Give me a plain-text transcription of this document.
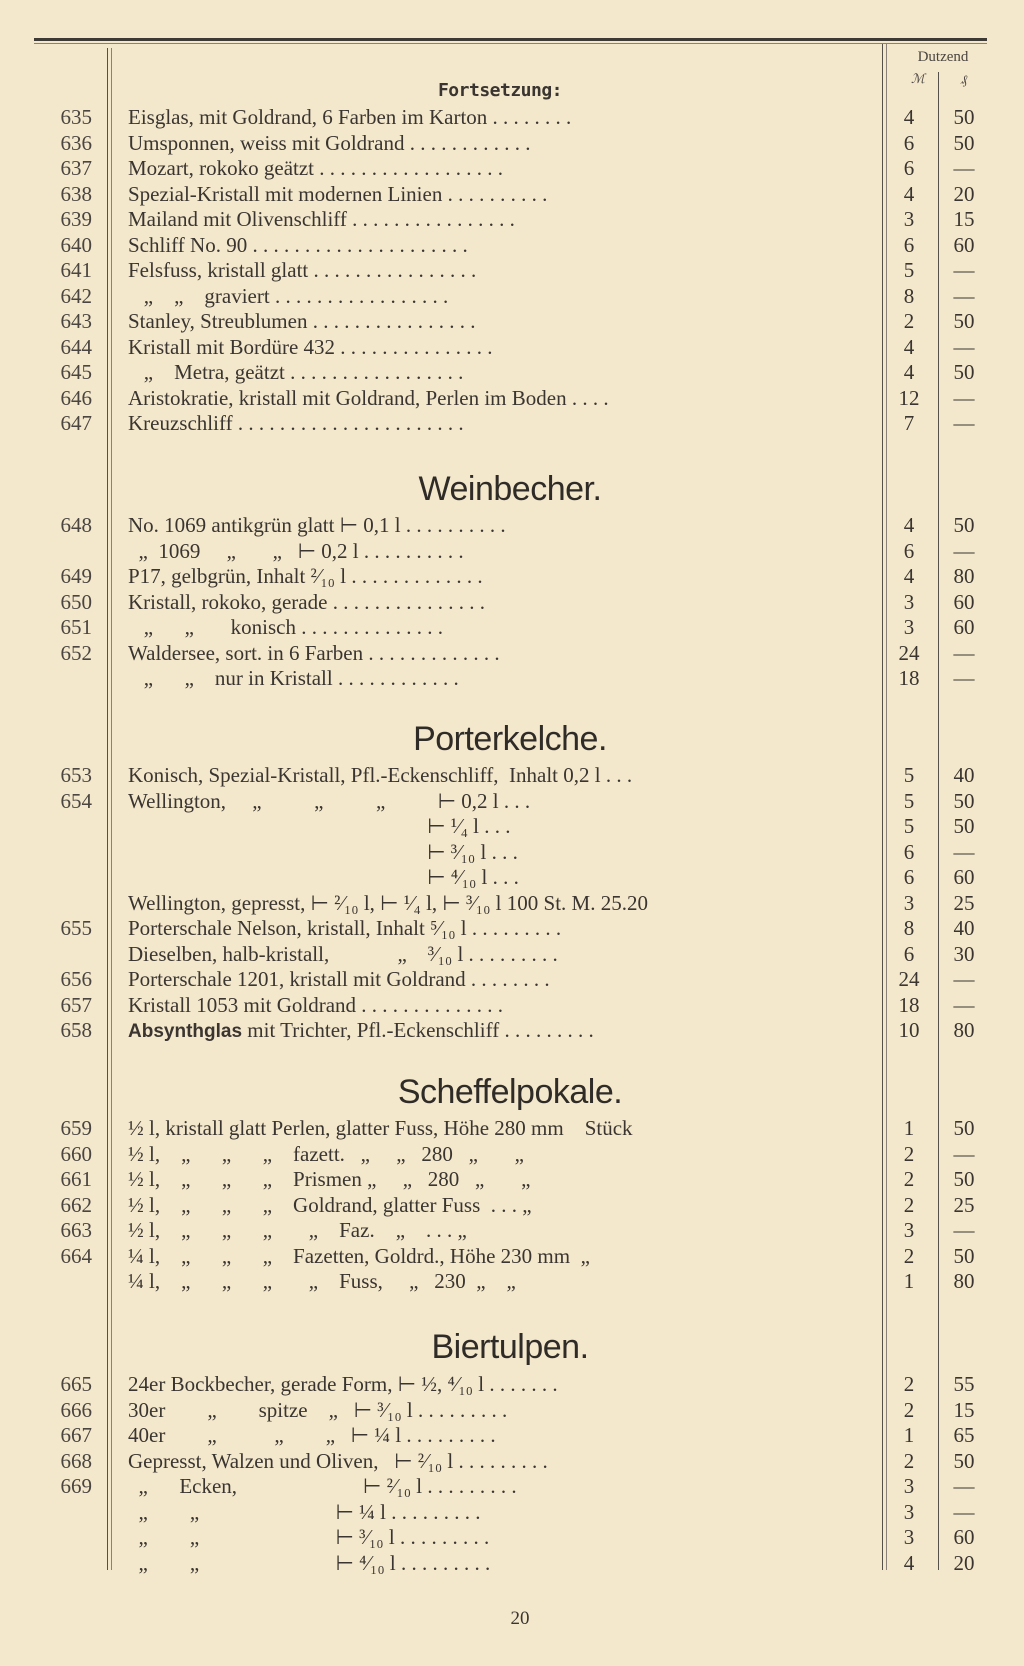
Dutzend
ℳ	₰
Fortsetzung:
635 Eisglas, mit Goldrand, 6 Farben im Karton . . . . . . . .	4	50
636 Umsponnen, weiss mit Goldrand . . . . . . . . . . . .	6	50
637 Mozart, rokoko geätzt . . . . . . . . . . . . . . . . . .	6	—
638 Spezial-Kristall mit modernen Linien . . . . . . . . . .	4	20
639 Mailand mit Olivenschliff . . . . . . . . . . . . . . . .	3	15
640 Schliff No. 90 . . . . . . . . . . . . . . . . . . . . .	6	60
641 Felsfuss, kristall glatt . . . . . . . . . . . . . . . .	5	—
642 „    „    graviert . . . . . . . . . . . . . . . . .	8	—
643 Stanley, Streublumen . . . . . . . . . . . . . . . .	2	50
644 Kristall mit Bordüre 432 . . . . . . . . . . . . . . .	4	—
645 „    Metra, geätzt . . . . . . . . . . . . . . . . .	4	50
646 Aristokratie, kristall mit Goldrand, Perlen im Boden . . . .	12	—
647 Kreuzschliff . . . . . . . . . . . . . . . . . . . . . .	7	—
Weinbecher.
648 No. 1069 antikgrün glatt ⊢ 0,1 l . . . . . . . . . .	4	50
„  1069     „       „   ⊢ 0,2 l . . . . . . . . . .	6	—
649 P17, gelbgrün, Inhalt ²⁄₁₀ l . . . . . . . . . . . . .	4	80
650 Kristall, rokoko, gerade . . . . . . . . . . . . . . .	3	60
651 „      „       konisch . . . . . . . . . . . . . .	3	60
652 Waldersee, sort. in 6 Farben . . . . . . . . . . . . .	24	—
„      „    nur in Kristall . . . . . . . . . . . .	18	—
Porterkelche.
653 Konisch, Spezial-Kristall, Pfl.-Eckenschliff,  Inhalt 0,2 l . . .	5	40
654 Wellington,     „          „          „          ⊢ 0,2 l . . .	5	50
⊢ ¹⁄₄ l . . .	5	50
⊢ ³⁄₁₀ l . . .	6	—
⊢ ⁴⁄₁₀ l . . .	6	60
Wellington, gepresst, ⊢ ²⁄₁₀ l, ⊢ ¹⁄₄ l, ⊢ ³⁄₁₀ l 100 St. M. 25.20	3	25
655 Porterschale Nelson, kristall, Inhalt ⁵⁄₁₀ l . . . . . . . . .	8	40
Dieselben, halb-kristall,             „    ³⁄₁₀ l . . . . . . . . .	6	30
656 Porterschale 1201, kristall mit Goldrand . . . . . . . .	24	—
657 Kristall 1053 mit Goldrand . . . . . . . . . . . . . .	18	—
658 Absynthglas mit Trichter, Pfl.-Eckenschliff . . . . . . . . .	10	80
Scheffelpokale.
659 ½ l, kristall glatt Perlen, glatter Fuss, Höhe 280 mm    Stück	1	50
660 ½ l,    „      „      „    fazett.   „     „   280   „       „	2	—
661 ½ l,    „      „      „    Prismen „     „   280   „       „	2	50
662 ½ l,    „      „      „    Goldrand, glatter Fuss  . . . „	2	25
663 ½ l,    „      „      „       „    Faz.    „    . . . „	3	—
664 ¼ l,    „      „      „    Fazetten, Goldrd., Höhe 230 mm  „	2	50
¼ l,    „      „      „       „    Fuss,     „   230  „    „	1	80
Biertulpen.
665 24er Bockbecher, gerade Form, ⊢ ½, ⁴⁄₁₀ l . . . . . . .	2	55
666 30er        „        spitze    „   ⊢ ³⁄₁₀ l . . . . . . . . .	2	15
667 40er        „           „        „   ⊢ ¼ l . . . . . . . . .	1	65
668 Gepresst, Walzen und Oliven,   ⊢ ²⁄₁₀ l . . . . . . . . .	2	50
669 „      Ecken,                        ⊢ ²⁄₁₀ l . . . . . . . . .	3	—
„        „                          ⊢ ¼ l . . . . . . . . .	3	—
„        „                          ⊢ ³⁄₁₀ l . . . . . . . . .	3	60
„        „                          ⊢ ⁴⁄₁₀ l . . . . . . . . .	4	20
20
